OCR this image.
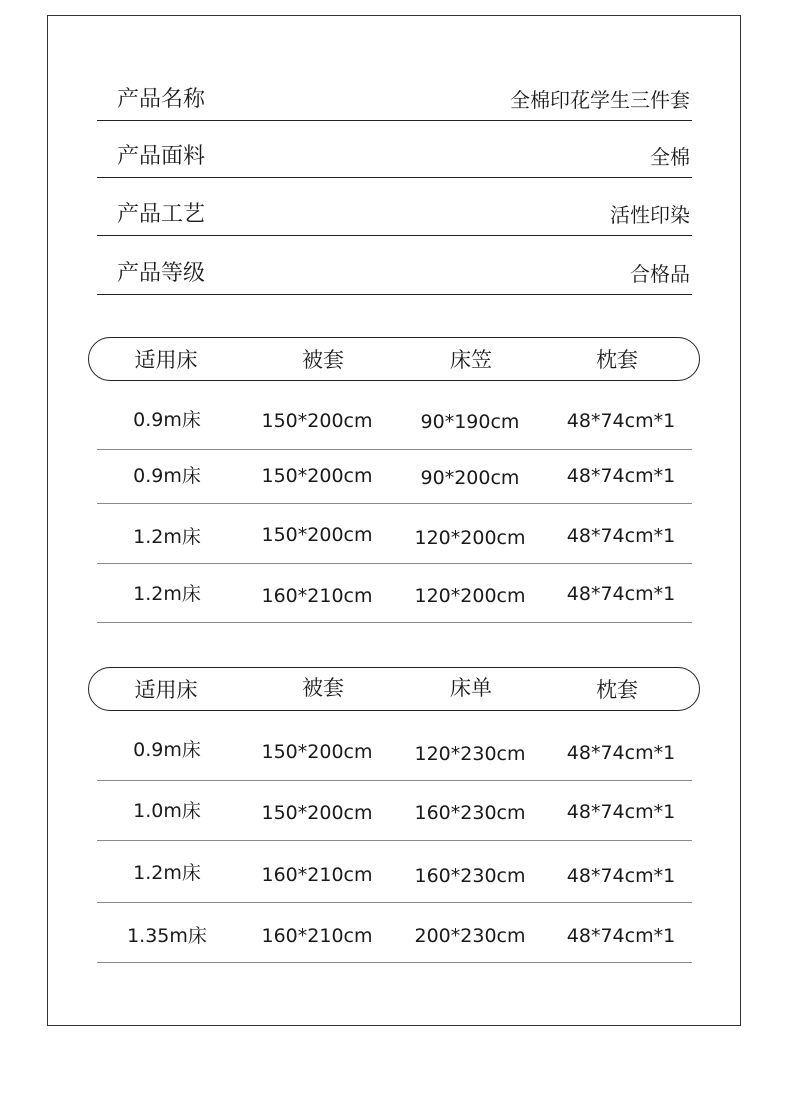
产品名称	全棉印花学生三件套
产品面料	全棉
产品工艺	活性印染
产品等级	合格品
适用床	被套	床笠	枕套
0.9m床	150*200cm	90*190cm	48*74cm*1
0.9m床	150*200cm	90*200cm	48*74cm*1
1.2m床	150*200cm	120*200cm	48*74cm*1
1.2m床	160*210cm	120*200cm	48*74cm*1
适用床	被套	床单	枕套
0.9m床	150*200cm	120*230cm	48*74cm*1
1.0m床	150*200cm	160*230cm	48*74cm*1
1.2m床	160*210cm	160*230cm	48*74cm*1
1.35m床	160*210cm	200*230cm	48*74cm*1
